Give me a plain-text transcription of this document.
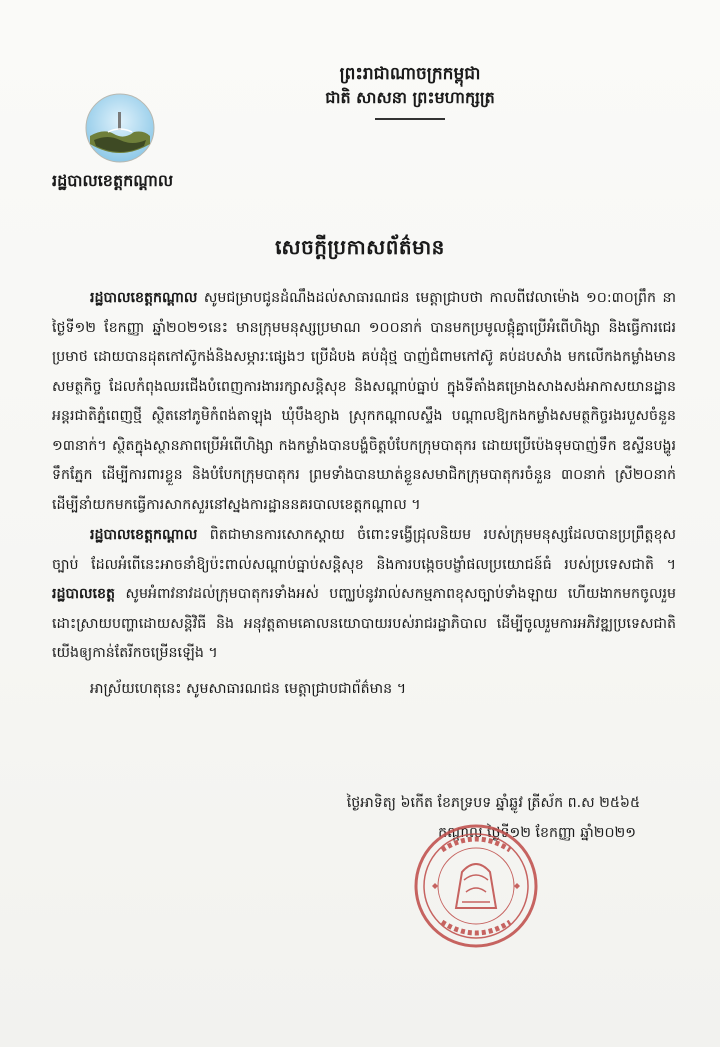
ព្រះរាជាណាចក្រកម្ពុជា
ជាតិ សាសនា ព្រះមហាក្សត្រ
រដ្ឋបាលខេត្តកណ្ដាល
សេចក្ដីប្រកាសព័ត៌មាន

រដ្ឋបាលខេត្តកណ្ដាល សូមជម្រាបជូនដំណឹងដល់សាធារណជន មេត្តាជ្រាបថា កាលពីវេលាម៉ោង ១០:៣០ព្រឹក នាថ្ងៃទី១២ ខែកញ្ញា ឆ្នាំ២០២១នេះ មានក្រុមមនុស្សប្រមាណ ១០០នាក់ បានមកប្រមូលផ្ដុំគ្នាប្រើអំពើហិង្សា និងធ្វើការជេរប្រមាថ ដោយបានដុតកៅស៊ូកង់និងសម្ភារៈផ្សេងៗ ប្រើដំបង គប់ដុំថ្ម បាញ់ជំពាមកៅស៊ូ គប់ដបសាំង មកលើកងកម្លាំងមានសមត្ថកិច្ច ដែលកំពុងឈរជើងបំពេញការងាររក្សាសន្តិសុខ និងសណ្ដាប់ធ្នាប់ ក្នុងទីតាំងគម្រោងសាងសង់អាកាសយានដ្ឋានអន្តរជាតិភ្នំពេញថ្មី ស្ថិតនៅភូមិកំពង់តាឡុង ឃុំបឹងខ្យាង ស្រុកកណ្ដាលស្ទឹង បណ្ដាលឱ្យកងកម្លាំងសមត្ថកិច្ចរងរបួសចំនួន ១៣នាក់។ ស្ថិតក្នុងស្ថានភាពប្រើអំពើហិង្សា កងកម្លាំងបានបង្ហំចិត្តបំបែកក្រុមបាតុករ ដោយប្រើប៉េងទុមបាញ់ទឹក ឌស្ទីនបង្ហូរទឹកភ្នែក ដើម្បីការពារខ្លួន និងបំបែកក្រុមបាតុករ ព្រមទាំងបានឃាត់ខ្លួនសមាជិកក្រុមបាតុករចំនួន ៣០នាក់ ស្រី២០នាក់ ដើម្បីនាំយកមកធ្វើការសាកសួរនៅស្នងការដ្ឋាននគរបាលខេត្តកណ្ដាល ។

រដ្ឋបាលខេត្តកណ្ដាល ពិតជាមានការសោកស្ដាយ ចំពោះទង្វើជ្រុលនិយម របស់ក្រុមមនុស្សដែលបានប្រព្រឹត្តខុសច្បាប់ ដែលអំពើនេះអាចនាំឱ្យប៉ះពាល់សណ្ដាប់ធ្នាប់សន្តិសុខ និងការបង្កេចបង្ខាំផលប្រយោជន៍ធំ របស់ប្រទេសជាតិ ។ រដ្ឋបាលខេត្ត សូមអំពាវនាវដល់ក្រុមបាតុករទាំងអស់ បញ្ឈប់នូវរាល់សកម្មភាពខុសច្បាប់ទាំងឡាយ ហើយងាកមកចូលរួមដោះស្រាយបញ្ហាដោយសន្តិវិធី និង អនុវត្តតាមគោលនយោបាយរបស់រាជរដ្ឋាភិបាល ដើម្បីចូលរួមការអភិវឌ្ឍប្រទេសជាតិយើងឲ្យកាន់តែរីកចម្រើនឡើង ។

អាស្រ័យហេតុនេះ សូមសាធារណជន មេត្តាជ្រាបជាព័ត៌មាន ។

ថ្ងៃអាទិត្យ ៦កើត ខែភទ្របទ ឆ្នាំឆ្លូវ ត្រីស័ក ព.ស ២៥៦៥
កណ្ដាល ថ្ងៃទី១២ ខែកញ្ញា ឆ្នាំ២០២១
